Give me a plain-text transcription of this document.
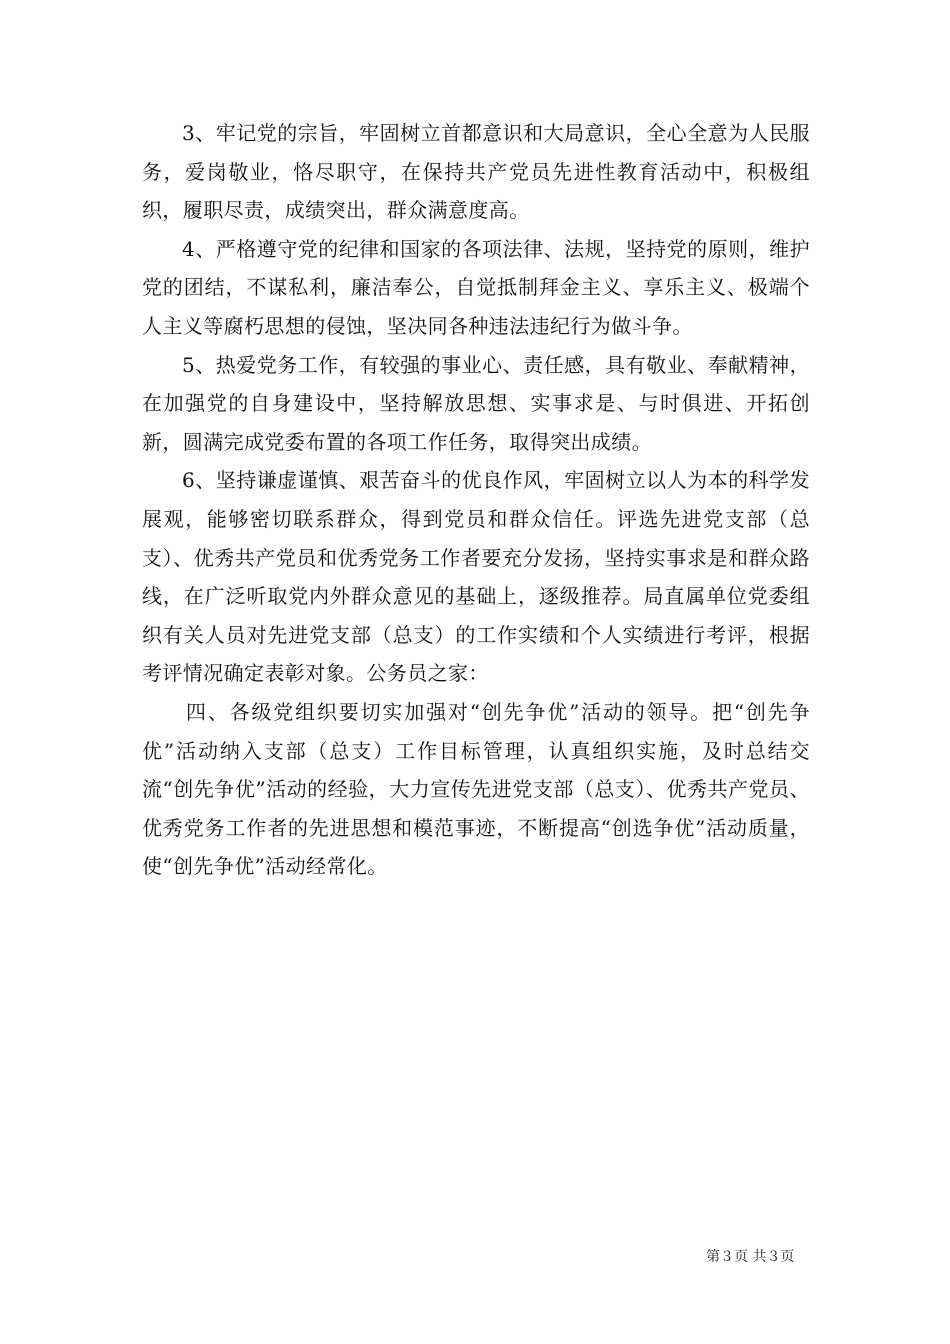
3、牢记党的宗旨，牢固树立首都意识和大局意识，全心全意为人民服务，爱岗敬业，恪尽职守，在保持共产党员先进性教育活动中，积极组织，履职尽责，成绩突出，群众满意度高。

4、严格遵守党的纪律和国家的各项法律、法规，坚持党的原则，维护党的团结，不谋私利，廉洁奉公，自觉抵制拜金主义、享乐主义、极端个人主义等腐朽思想的侵蚀，坚决同各种违法违纪行为做斗争。

5、热爱党务工作，有较强的事业心、责任感，具有敬业、奉献精神，在加强党的自身建设中，坚持解放思想、实事求是、与时俱进、开拓创新，圆满完成党委布置的各项工作任务，取得突出成绩。

6、坚持谦虚谨慎、艰苦奋斗的优良作风，牢固树立以人为本的科学发展观，能够密切联系群众，得到党员和群众信任。评选先进党支部（总支）、优秀共产党员和优秀党务工作者要充分发扬，坚持实事求是和群众路线，在广泛听取党内外群众意见的基础上，逐级推荐。局直属单位党委组织有关人员对先进党支部（总支）的工作实绩和个人实绩进行考评，根据考评情况确定表彰对象。公务员之家：

四、各级党组织要切实加强对“创先争优”活动的领导。把“创先争优”活动纳入支部（总支）工作目标管理，认真组织实施，及时总结交流“创先争优”活动的经验，大力宣传先进党支部（总支）、优秀共产党员、优秀党务工作者的先进思想和模范事迹，不断提高“创选争优”活动质量，使“创先争优”活动经常化。

第３页 共３页
